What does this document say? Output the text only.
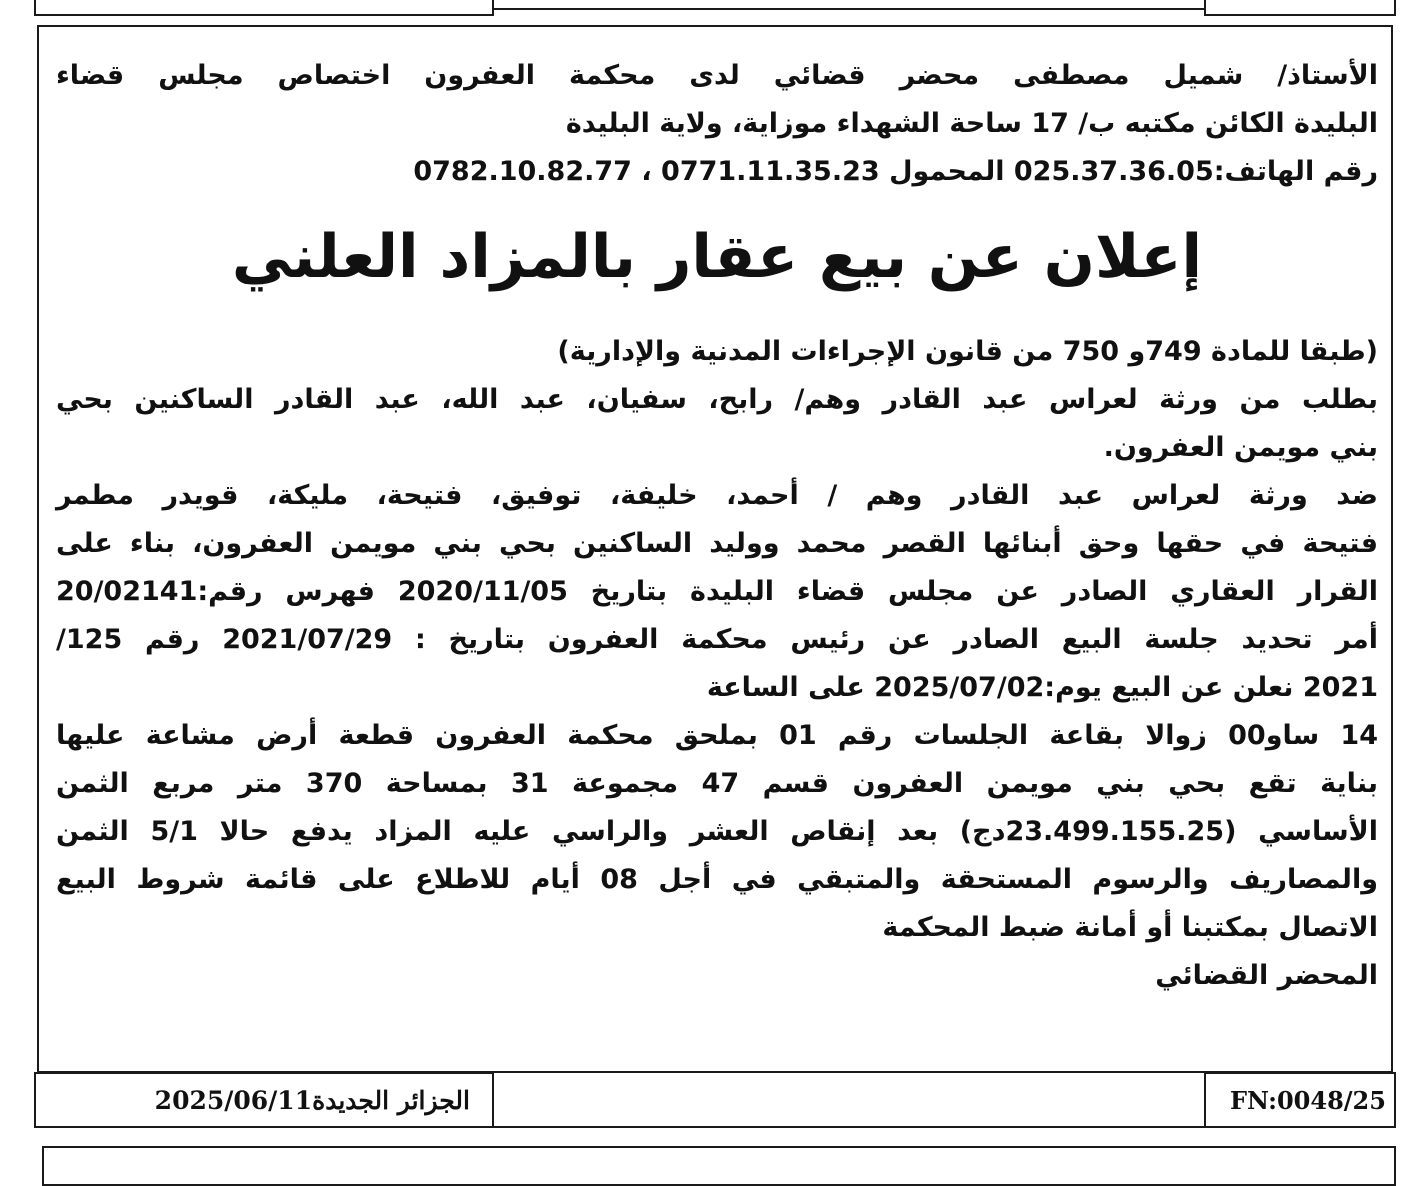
الأستاذ/ شميل مصطفى محضر قضائي لدى محكمة العفرون اختصاص مجلس قضاء
البليدة الكائن مكتبه ب/ 17 ساحة الشهداء موزاية، ولاية البليدة
رقم الهاتف:025.37.36.05 المحمول 0771.11.35.23 ، 0782.10.82.77
إعلان عن بيع عقار بالمزاد العلني
(طبقا للمادة 749و 750 من قانون الإجراءات المدنية والإدارية)
بطلب من ورثة لعراس عبد القادر وهم/ رابح، سفيان، عبد الله، عبد القادر الساكنين بحي
بني مويمن العفرون.
ضد ورثة لعراس عبد القادر وهم / أحمد، خليفة، توفيق، فتيحة، مليكة، قويدر مطمر
فتيحة في حقها وحق أبنائها القصر محمد ووليد الساكنين بحي بني مويمن العفرون، بناء على
القرار العقاري الصادر عن مجلس قضاء البليدة بتاريخ 2020/11/05 فهرس رقم:20/02141
أمر تحديد جلسة البيع الصادر عن رئيس محكمة العفرون بتاريخ : 2021/07/29 رقم 125/
2021 نعلن عن البيع يوم:2025/07/02 على الساعة
14 ساو00 زوالا بقاعة الجلسات رقم 01 بملحق محكمة العفرون قطعة أرض مشاعة عليها
بناية تقع بحي بني مويمن العفرون قسم 47 مجموعة 31 بمساحة 370 متر مربع الثمن
الأساسي (23.499.155.25دج) بعد إنقاص العشر والراسي عليه المزاد يدفع حالا 5/1 الثمن
والمصاريف والرسوم المستحقة والمتبقي في أجل 08 أيام للاطلاع على قائمة شروط البيع
الاتصال بمكتبنا أو أمانة ضبط المحكمة
المحضر القضائي
الجزائر الجديدة2025/06/11	FN:0048/25
